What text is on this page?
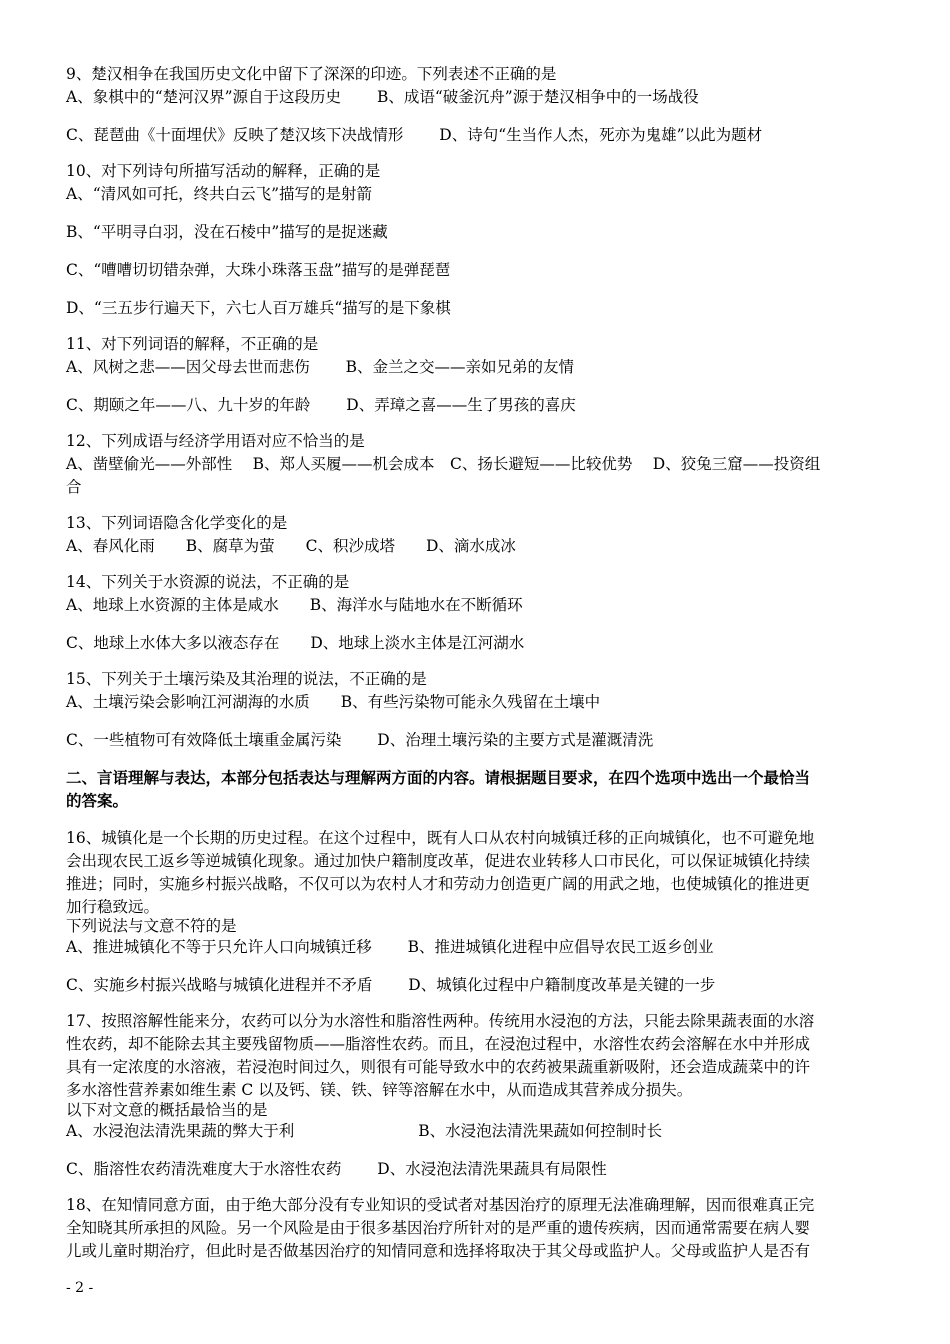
9、楚汉相争在我国历史文化中留下了深深的印迹。下列表述不正确的是
A、象棋中的“楚河汉界”源自于这段历史　　 B、成语“破釜沉舟”源于楚汉相争中的一场战役
C、琵琶曲《十面埋伏》反映了楚汉垓下决战情形　　 D、诗句“生当作人杰，死亦为鬼雄”以此为题材
10、对下列诗句所描写活动的解释，正确的是
A、“清风如可托，终共白云飞”描写的是射箭
B、“平明寻白羽，没在石棱中”描写的是捉迷藏
C、“嘈嘈切切错杂弹，大珠小珠落玉盘”描写的是弹琵琶
D、“三五步行遍天下，六七人百万雄兵“描写的是下象棋
11、对下列词语的解释，不正确的是
A、风树之悲——因父母去世而悲伤　　 B、金兰之交——亲如兄弟的友情
C、期颐之年——八、九十岁的年龄　　 D、弄璋之喜——生了男孩的喜庆
12、下列成语与经济学用语对应不恰当的是
A、凿壁偷光——外部性　 B、郑人买履——机会成本　C、扬长避短——比较优势　 D、狡兔三窟——投资组
合
13、下列词语隐含化学变化的是
A、春风化雨　　B、腐草为萤　　C、积沙成塔　　D、滴水成冰
14、下列关于水资源的说法，不正确的是
A、地球上水资源的主体是咸水　　B、海洋水与陆地水在不断循环
C、地球上水体大多以液态存在　　D、地球上淡水主体是江河湖水
15、下列关于土壤污染及其治理的说法，不正确的是
A、土壤污染会影响江河湖海的水质　　B、有些污染物可能永久残留在土壤中
C、一些植物可有效降低土壤重金属污染　　 D、治理土壤污染的主要方式是灌溉清洗
二、言语理解与表达，本部分包括表达与理解两方面的内容。请根据题目要求，在四个选项中选出一个最恰当
的答案。
16、城镇化是一个长期的历史过程。在这个过程中，既有人口从农村向城镇迁移的正向城镇化，也不可避免地
会出现农民工返乡等逆城镇化现象。通过加快户籍制度改革，促进农业转移人口市民化，可以保证城镇化持续
推进；同时，实施乡村振兴战略，不仅可以为农村人才和劳动力创造更广阔的用武之地，也使城镇化的推进更
加行稳致远。
下列说法与文意不符的是
A、推进城镇化不等于只允许人口向城镇迁移　　 B、推进城镇化进程中应倡导农民工返乡创业
C、实施乡村振兴战略与城镇化进程并不矛盾　　 D、城镇化过程中户籍制度改革是关键的一步
17、按照溶解性能来分，农药可以分为水溶性和脂溶性两种。传统用水浸泡的方法，只能去除果蔬表面的水溶
性农药，却不能除去其主要残留物质——脂溶性农药。而且，在浸泡过程中，水溶性农药会溶解在水中并形成
具有一定浓度的水溶液，若浸泡时间过久，则很有可能导致水中的农药被果蔬重新吸附，还会造成蔬菜中的许
多水溶性营养素如维生素 C 以及钙、镁、铁、锌等溶解在水中，从而造成其营养成分损失。
以下对文意的概括最恰当的是
A、水浸泡法清洗果蔬的弊大于利　　　　　　　　B、水浸泡法清洗果蔬如何控制时长
C、脂溶性农药清洗难度大于水溶性农药　　 D、水浸泡法清洗果蔬具有局限性
18、在知情同意方面，由于绝大部分没有专业知识的受试者对基因治疗的原理无法准确理解，因而很难真正完
全知晓其所承担的风险。另一个风险是由于很多基因治疗所针对的是严重的遗传疾病，因而通常需要在病人婴
儿或儿童时期治疗，但此时是否做基因治疗的知情同意和选择将取决于其父母或监护人。父母或监护人是否有
- 2 -
